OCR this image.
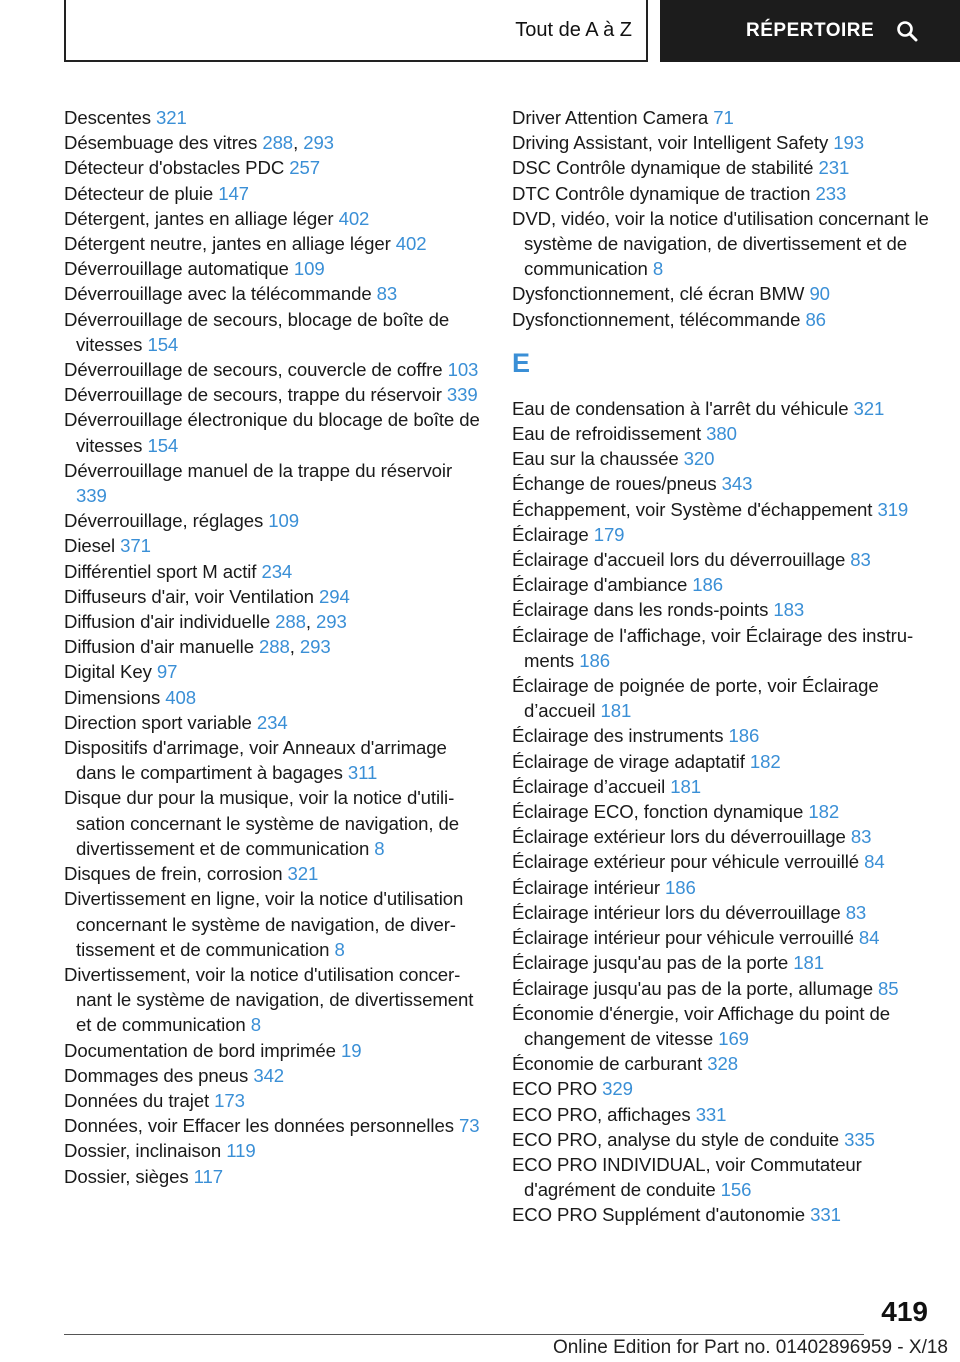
Tout de A à Z	RÉPERTOIRE
Descentes 321
Désembuage des vitres 288, 293
Détecteur d'obstacles PDC 257
Détecteur de pluie 147
Détergent, jantes en alliage léger 402
Détergent neutre, jantes en alliage léger 402
Déverrouillage automatique 109
Déverrouillage avec la télécommande 83
Déverrouillage de secours, blocage de boîte de vitesses 154
Déverrouillage de secours, couvercle de coffre 103
Déverrouillage de secours, trappe du réservoir 339
Déverrouillage électronique du blocage de boîte de vitesses 154
Déverrouillage manuel de la trappe du réservoir 339
Déverrouillage, réglages 109
Diesel 371
Différentiel sport M actif 234
Diffuseurs d'air, voir Ventilation 294
Diffusion d'air individuelle 288, 293
Diffusion d'air manuelle 288, 293
Digital Key 97
Dimensions 408
Direction sport variable 234
Dispositifs d'arrimage, voir Anneaux d'arrimage dans le compartiment à bagages 311
Disque dur pour la musique, voir la notice d'utilisation concernant le système de navigation, de divertissement et de communication 8
Disques de frein, corrosion 321
Divertissement en ligne, voir la notice d'utilisation concernant le système de navigation, de divertissement et de communication 8
Divertissement, voir la notice d'utilisation concernant le système de navigation, de divertissement et de communication 8
Documentation de bord imprimée 19
Dommages des pneus 342
Données du trajet 173
Données, voir Effacer les données personnelles 73
Dossier, inclinaison 119
Dossier, sièges 117
Driver Attention Camera 71
Driving Assistant, voir Intelligent Safety 193
DSC Contrôle dynamique de stabilité 231
DTC Contrôle dynamique de traction 233
DVD, vidéo, voir la notice d'utilisation concernant le système de navigation, de divertissement et de communication 8
Dysfonctionnement, clé écran BMW 90
Dysfonctionnement, télécommande 86
E
Eau de condensation à l'arrêt du véhicule 321
Eau de refroidissement 380
Eau sur la chaussée 320
Échange de roues/pneus 343
Échappement, voir Système d'échappement 319
Éclairage 179
Éclairage d'accueil lors du déverrouillage 83
Éclairage d'ambiance 186
Éclairage dans les ronds-points 183
Éclairage de l'affichage, voir Éclairage des instruments 186
Éclairage de poignée de porte, voir Éclairage d’accueil 181
Éclairage des instruments 186
Éclairage de virage adaptatif 182
Éclairage d’accueil 181
Éclairage ECO, fonction dynamique 182
Éclairage extérieur lors du déverrouillage 83
Éclairage extérieur pour véhicule verrouillé 84
Éclairage intérieur 186
Éclairage intérieur lors du déverrouillage 83
Éclairage intérieur pour véhicule verrouillé 84
Éclairage jusqu'au pas de la porte 181
Éclairage jusqu'au pas de la porte, allumage 85
Économie d'énergie, voir Affichage du point de changement de vitesse 169
Économie de carburant 328
ECO PRO 329
ECO PRO, affichages 331
ECO PRO, analyse du style de conduite 335
ECO PRO INDIVIDUAL, voir Commutateur d'agrément de conduite 156
ECO PRO Supplément d'autonomie 331
419
Online Edition for Part no. 01402896959 - X/18
